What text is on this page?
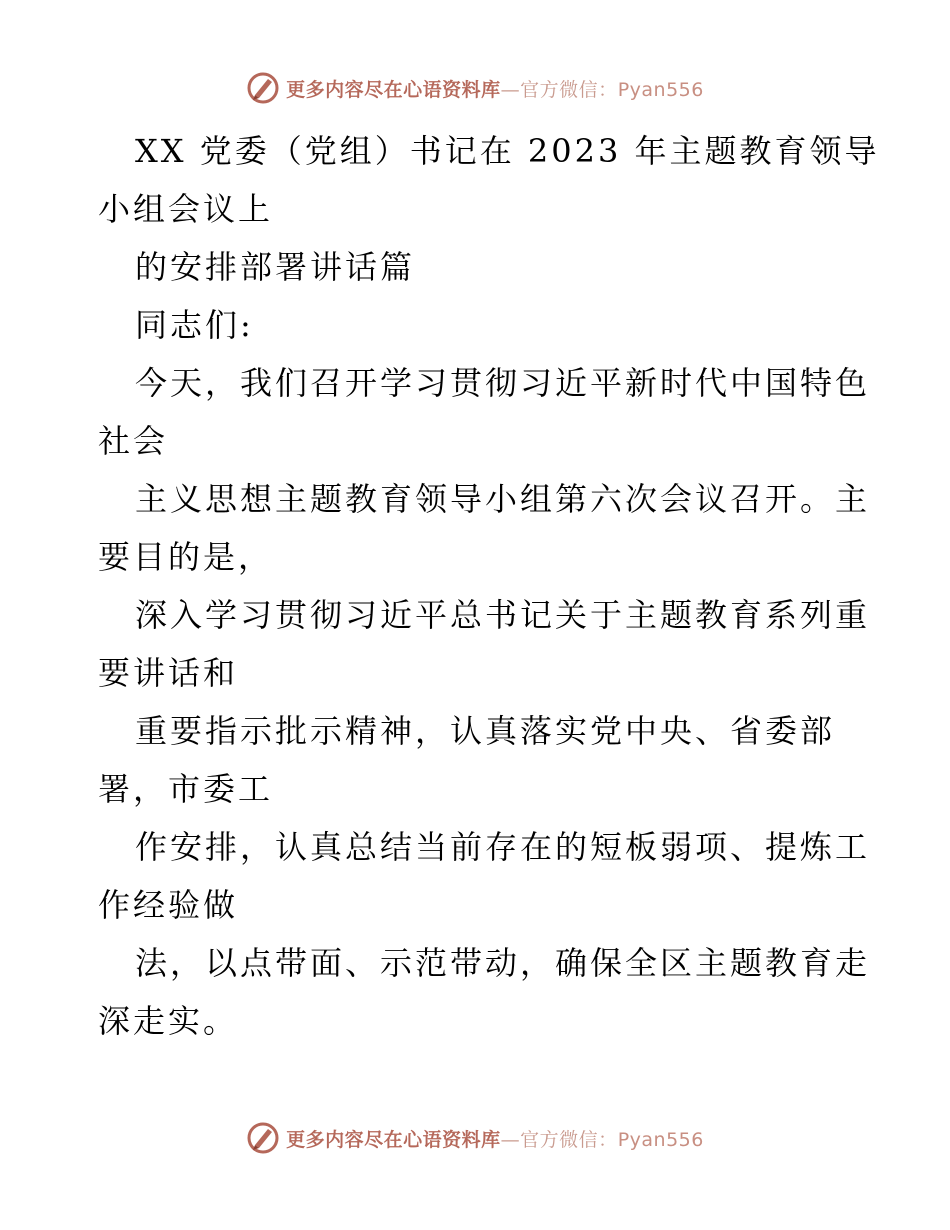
更多内容尽在心语资料库—官方微信：Pyan556
XX 党委（党组）书记在 2023 年主题教育领导
小组会议上
的安排部署讲话篇
同志们:
今天，我们召开学习贯彻习近平新时代中国特色
社会
主义思想主题教育领导小组第六次会议召开。主
要目的是，
深入学习贯彻习近平总书记关于主题教育系列重
要讲话和
重要指示批示精神，认真落实党中央、省委部
署，市委工
作安排，认真总结当前存在的短板弱项、提炼工
作经验做
法，以点带面、示范带动，确保全区主题教育走
深走实。
更多内容尽在心语资料库—官方微信：Pyan556
